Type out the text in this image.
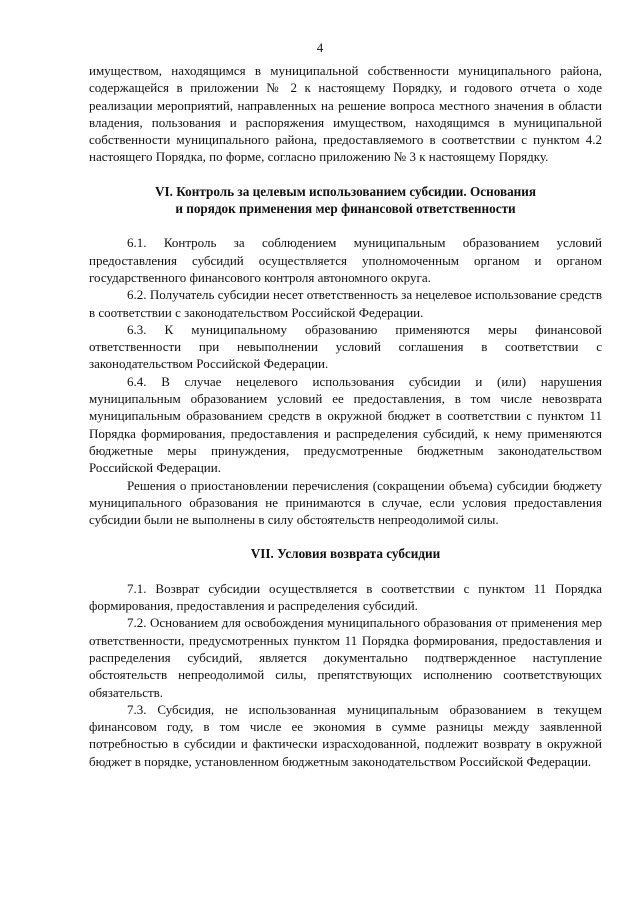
4

имуществом, находящимся в муниципальной собственности муниципального района, содержащейся в приложении № 2 к настоящему Порядку, и годового отчета о ходе реализации мероприятий, направленных на решение вопроса местного значения в области владения, пользования и распоряжения имуществом, находящимся в муниципальной собственности муниципального района, предоставляемого в соответствии с пунктом 4.2 настоящего Порядка, по форме, согласно приложению № 3 к настоящему Порядку.

VI. Контроль за целевым использованием субсидии. Основания

и порядок применения мер финансовой ответственности

6.1. Контроль за соблюдением муниципальным образованием условий предоставления субсидий осуществляется уполномоченным органом и органом государственного финансового контроля автономного округа.

6.2. Получатель субсидии несет ответственность за нецелевое использование средств в соответствии с законодательством Российской Федерации.

6.3. К муниципальному образованию применяются меры финансовой ответственности при невыполнении условий соглашения в соответствии с законодательством Российской Федерации.

6.4. В случае нецелевого использования субсидии и (или) нарушения муниципальным образованием условий ее предоставления, в том числе невозврата муниципальным образованием средств в окружной бюджет в соответствии с пунктом 11 Порядка формирования, предоставления и распределения субсидий, к нему применяются бюджетные меры принуждения, предусмотренные бюджетным законодательством Российской Федерации.

Решения о приостановлении перечисления (сокращении объема) субсидии бюджету муниципального образования не принимаются в случае, если условия предоставления субсидии были не выполнены в силу обстоятельств непреодолимой силы.

VII. Условия возврата субсидии

7.1. Возврат субсидии осуществляется в соответствии с пунктом 11 Порядка формирования, предоставления и распределения субсидий.

7.2. Основанием для освобождения муниципального образования от применения мер ответственности, предусмотренных пунктом 11 Порядка формирования, предоставления и распределения субсидий, является документально подтвержденное наступление обстоятельств непреодолимой силы, препятствующих исполнению соответствующих обязательств.

7.3. Субсидия, не использованная муниципальным образованием в текущем финансовом году, в том числе ее экономия в сумме разницы между заявленной потребностью в субсидии и фактически израсходованной, подлежит возврату в окружной бюджет в порядке, установленном бюджетным законодательством Российской Федерации.
